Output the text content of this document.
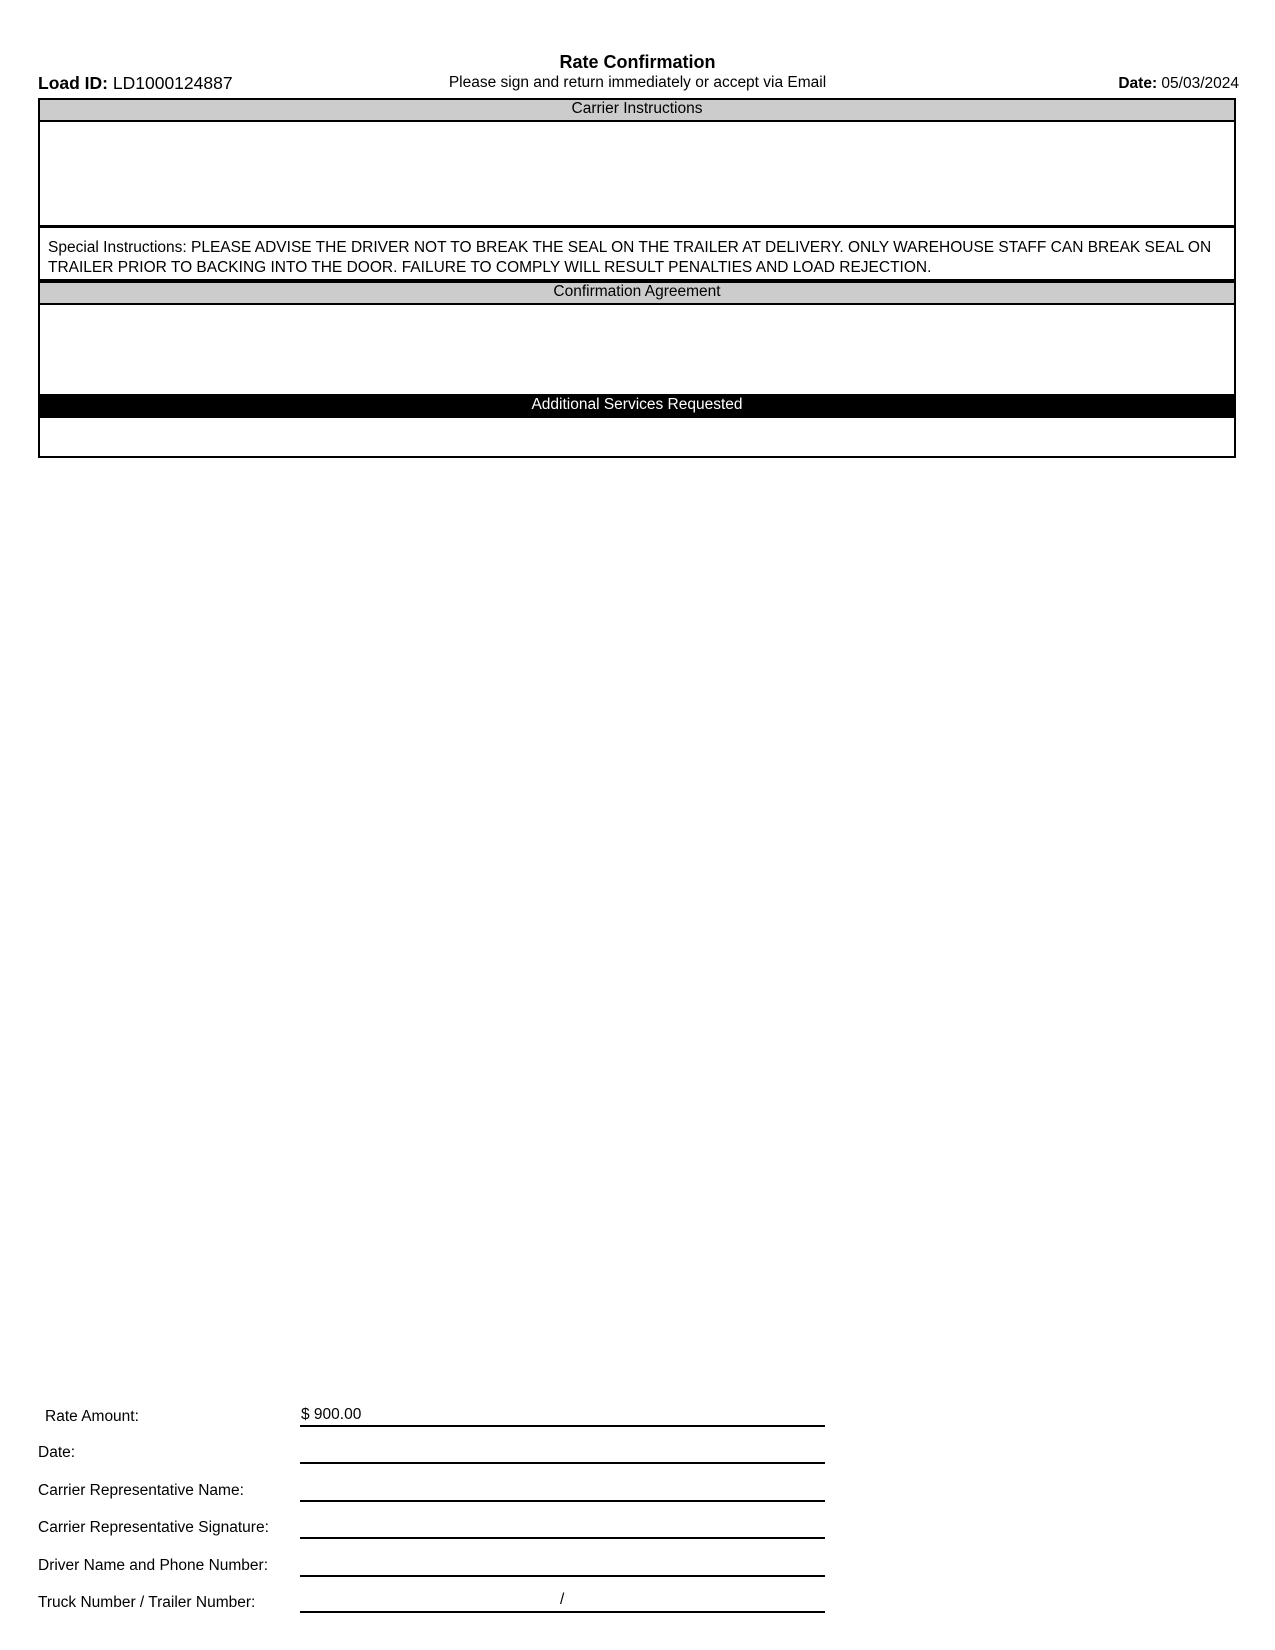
Rate Confirmation
Please sign and return immediately or accept via Email
Load ID: LD1000124887	Date: 05/03/2024
Carrier Instructions
Special Instructions: PLEASE ADVISE THE DRIVER NOT TO BREAK THE SEAL ON THE TRAILER AT DELIVERY. ONLY WAREHOUSE STAFF CAN BREAK SEAL ON TRAILER PRIOR TO BACKING INTO THE DOOR. FAILURE TO COMPLY WILL RESULT PENALTIES AND LOAD REJECTION.
Confirmation Agreement
Additional Services Requested
Rate Amount:	$ 900.00
Date:
Carrier Representative Name:
Carrier Representative Signature:
Driver Name and Phone Number:
Truck Number / Trailer Number:	/
